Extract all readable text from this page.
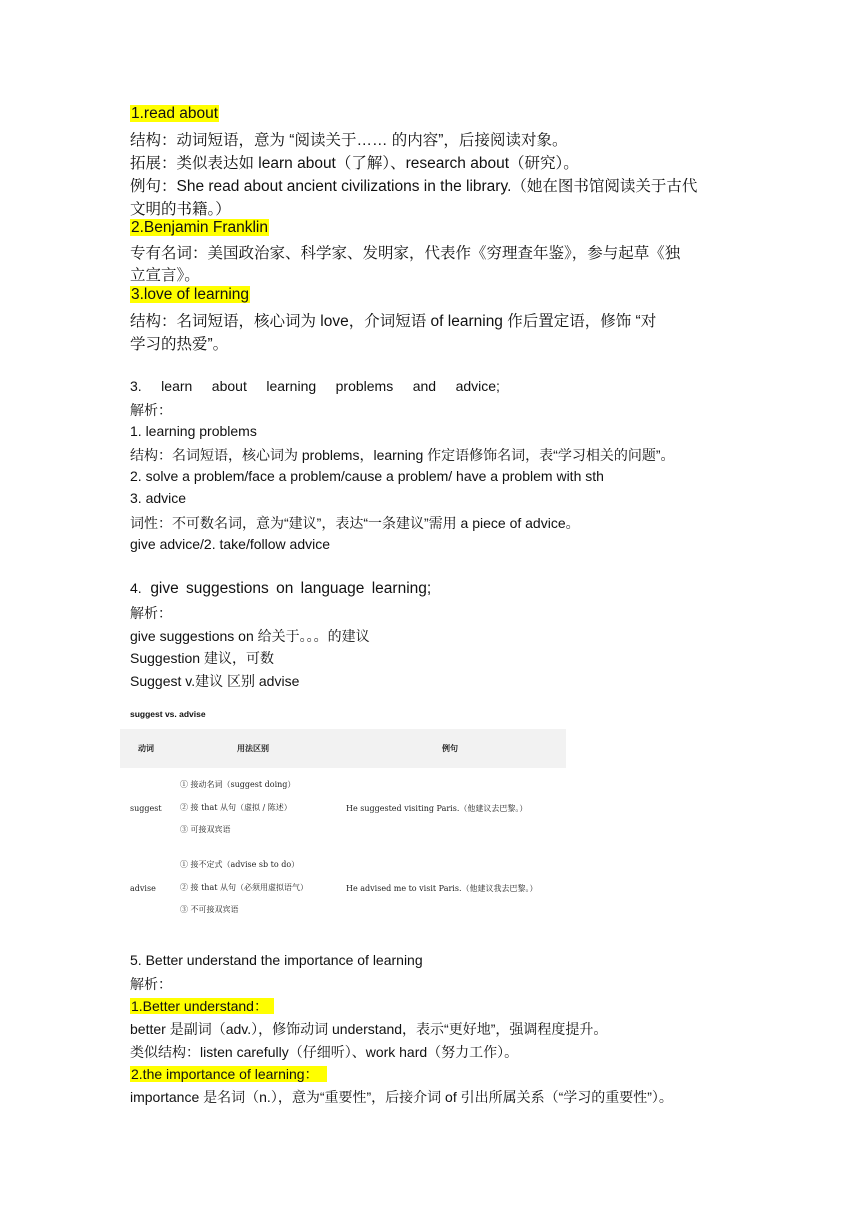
1.read about
结构：动词短语，意为 “阅读关于…… 的内容”，后接阅读对象。
拓展：类似表达如 learn about（了解）、research about（研究）。
例句：She read about ancient civilizations in the library.（她在图书馆阅读关于古代
文明的书籍。）
2.Benjamin Franklin
专有名词：美国政治家、科学家、发明家，代表作《穷理查年鉴》，参与起草《独
立宣言》。
3.love of learning
结构：名词短语，核心词为 love，介词短语 of learning 作后置定语，修饰 “对
学习的热爱”。
3. learn about learning problems and advice;
解析：
1. learning problems
结构：名词短语，核心词为 problems，learning 作定语修饰名词，表“学习相关的问题”。
2. solve a problem/face a problem/cause a problem/ have a problem with sth
3. advice
词性：不可数名词，意为“建议”，表达“一条建议”需用 a piece of advice。
give advice/2. take/follow advice
4. give suggestions on language learning;
解析：
give suggestions on 给关于。。。的建议
Suggestion 建议，可数
Suggest v.建议 区别 advise
suggest vs. advise
动词	用法区别	例句
suggest	① 接动名词（suggest doing）
② 接 that 从句（虚拟 / 陈述）
③ 可接双宾语	He suggested visiting Paris.（他建议去巴黎。）
advise	① 接不定式（advise sb to do）
② 接 that 从句（必须用虚拟语气）
③ 不可接双宾语	He advised me to visit Paris.（他建议我去巴黎。）
5. Better understand the importance of learning
解析：
1.Better understand：
better 是副词（adv.），修饰动词 understand，表示“更好地”，强调程度提升。
类似结构：listen carefully（仔细听）、work hard（努力工作）。
2.the importance of learning：
importance 是名词（n.），意为“重要性”，后接介词 of 引出所属关系（“学习的重要性”）。
